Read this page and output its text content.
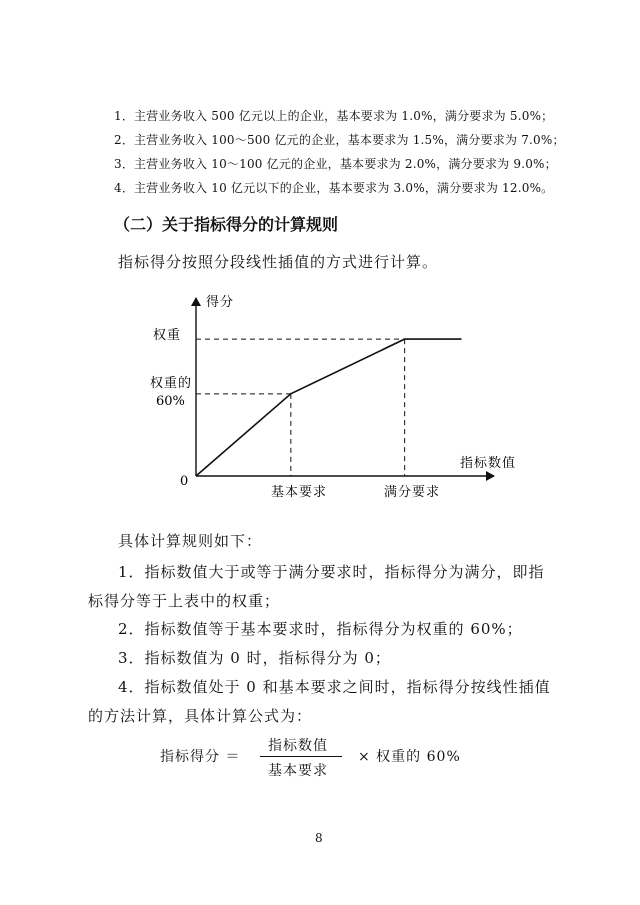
1．主营业务收入 500 亿元以上的企业，基本要求为 1.0%，满分要求为 5.0%；
2．主营业务收入 100～500 亿元的企业，基本要求为 1.5%，满分要求为 7.0%；
3．主营业务收入 10～100 亿元的企业，基本要求为 2.0%，满分要求为 9.0%；
4．主营业务收入 10 亿元以下的企业，基本要求为 3.0%，满分要求为 12.0%。
（二）关于指标得分的计算规则
指标得分按照分段线性插值的方式进行计算。
得分
指标数值
0
权重
权重的
60%
基本要求	满分要求
具体计算规则如下：
1．指标数值大于或等于满分要求时，指标得分为满分，即指
标得分等于上表中的权重；
2．指标数值等于基本要求时，指标得分为权重的 60%；
3．指标数值为 0 时，指标得分为 0；
4．指标数值处于 0 和基本要求之间时，指标得分按线性插值
的方法计算，具体计算公式为：
指标得分 ＝
指标数值
基本要求
× 权重的 60%
8
